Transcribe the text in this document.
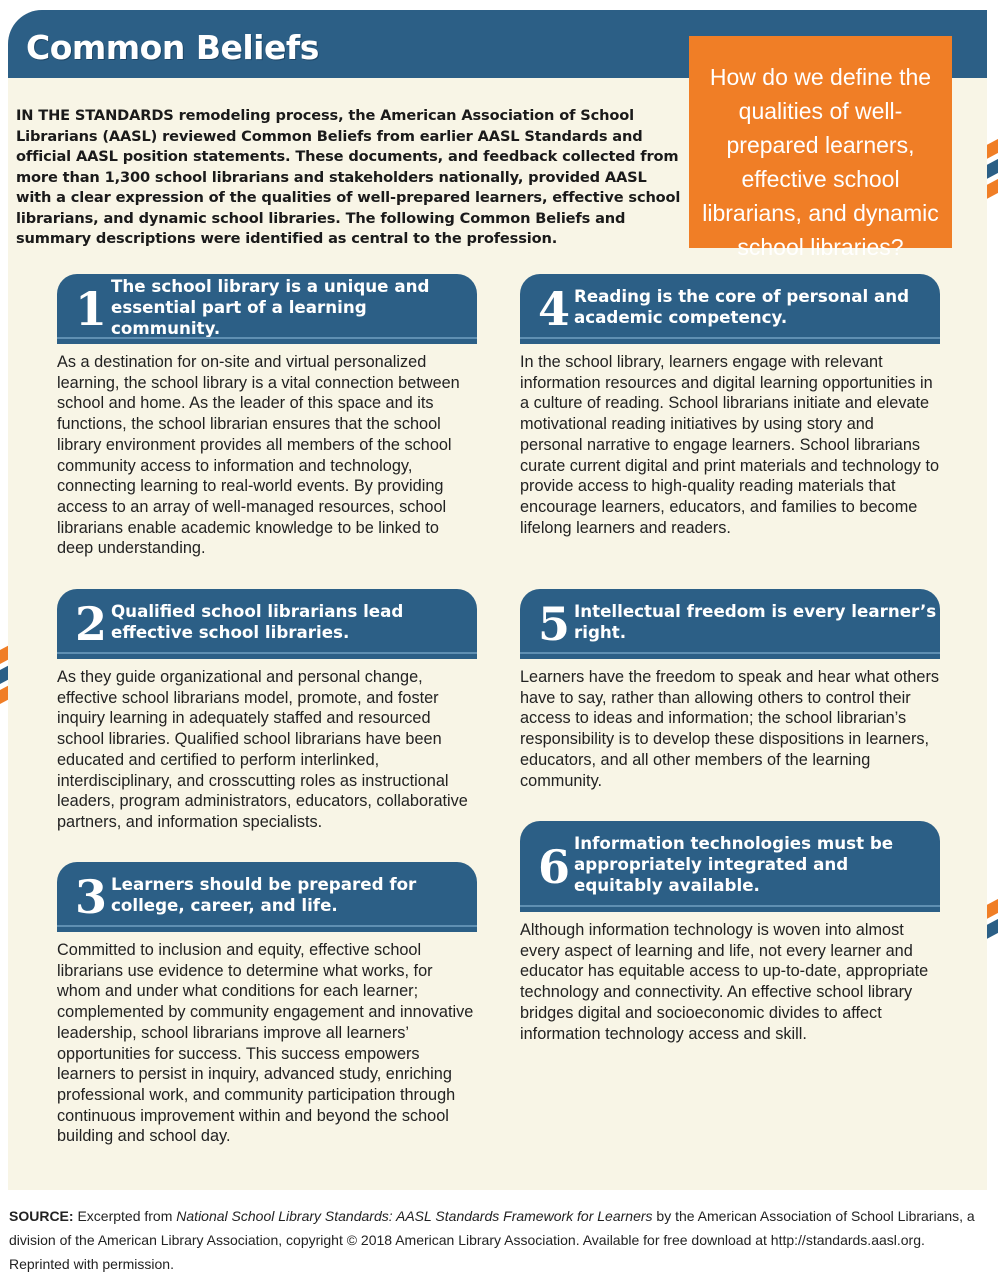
Common Beliefs
How do we define the qualities of well-prepared learners, effective school librarians, and dynamic school libraries?

IN THE STANDARDS remodeling process, the American Association of School Librarians (AASL) reviewed Common Beliefs from earlier AASL Standards and official AASL position statements. These documents, and feedback collected from more than 1,300 school librarians and stakeholders nationally, provided AASL with a clear expression of the qualities of well-prepared learners, effective school librarians, and dynamic school libraries. The following Common Beliefs and summary descriptions were identified as central to the profession.

1 The school library is a unique and essential part of a learning community.

As a destination for on-site and virtual personalized learning, the school library is a vital connection between school and home. As the leader of this space and its functions, the school librarian ensures that the school library environment provides all members of the school community access to information and technology, connecting learning to real-world events. By providing access to an array of well-managed resources, school librarians enable academic knowledge to be linked to deep understanding.

2 Qualified school librarians lead effective school libraries.

As they guide organizational and personal change, effective school librarians model, promote, and foster inquiry learning in adequately staffed and resourced school libraries. Qualified school librarians have been educated and certified to perform interlinked, interdisciplinary, and crosscutting roles as instructional leaders, program administrators, educators, collaborative partners, and information specialists.

3 Learners should be prepared for college, career, and life.

Committed to inclusion and equity, effective school librarians use evidence to determine what works, for whom and under what conditions for each learner; complemented by community engagement and innovative leadership, school librarians improve all learners’ opportunities for success. This success empowers learners to persist in inquiry, advanced study, enriching professional work, and community participation through continuous improvement within and beyond the school building and school day.

4 Reading is the core of personal and academic competency.

In the school library, learners engage with relevant information resources and digital learning opportunities in a culture of reading. School librarians initiate and elevate motivational reading initiatives by using story and personal narrative to engage learners. School librarians curate current digital and print materials and technology to provide access to high-quality reading materials that encourage learners, educators, and families to become lifelong learners and readers.

5 Intellectual freedom is every learner’s right.

Learners have the freedom to speak and hear what others have to say, rather than allowing others to control their access to ideas and information; the school librarian’s responsibility is to develop these dispositions in learners, educators, and all other members of the learning community.

6 Information technologies must be appropriately integrated and equitably available.

Although information technology is woven into almost every aspect of learning and life, not every learner and educator has equitable access to up-to-date, appropriate technology and connectivity. An effective school library bridges digital and socioeconomic divides to affect information technology access and skill.

SOURCE: Excerpted from National School Library Standards: AASL Standards Framework for Learners by the American Association of School Librarians, a division of the American Library Association, copyright © 2018 American Library Association. Available for free download at http://standards.aasl.org. Reprinted with permission.
